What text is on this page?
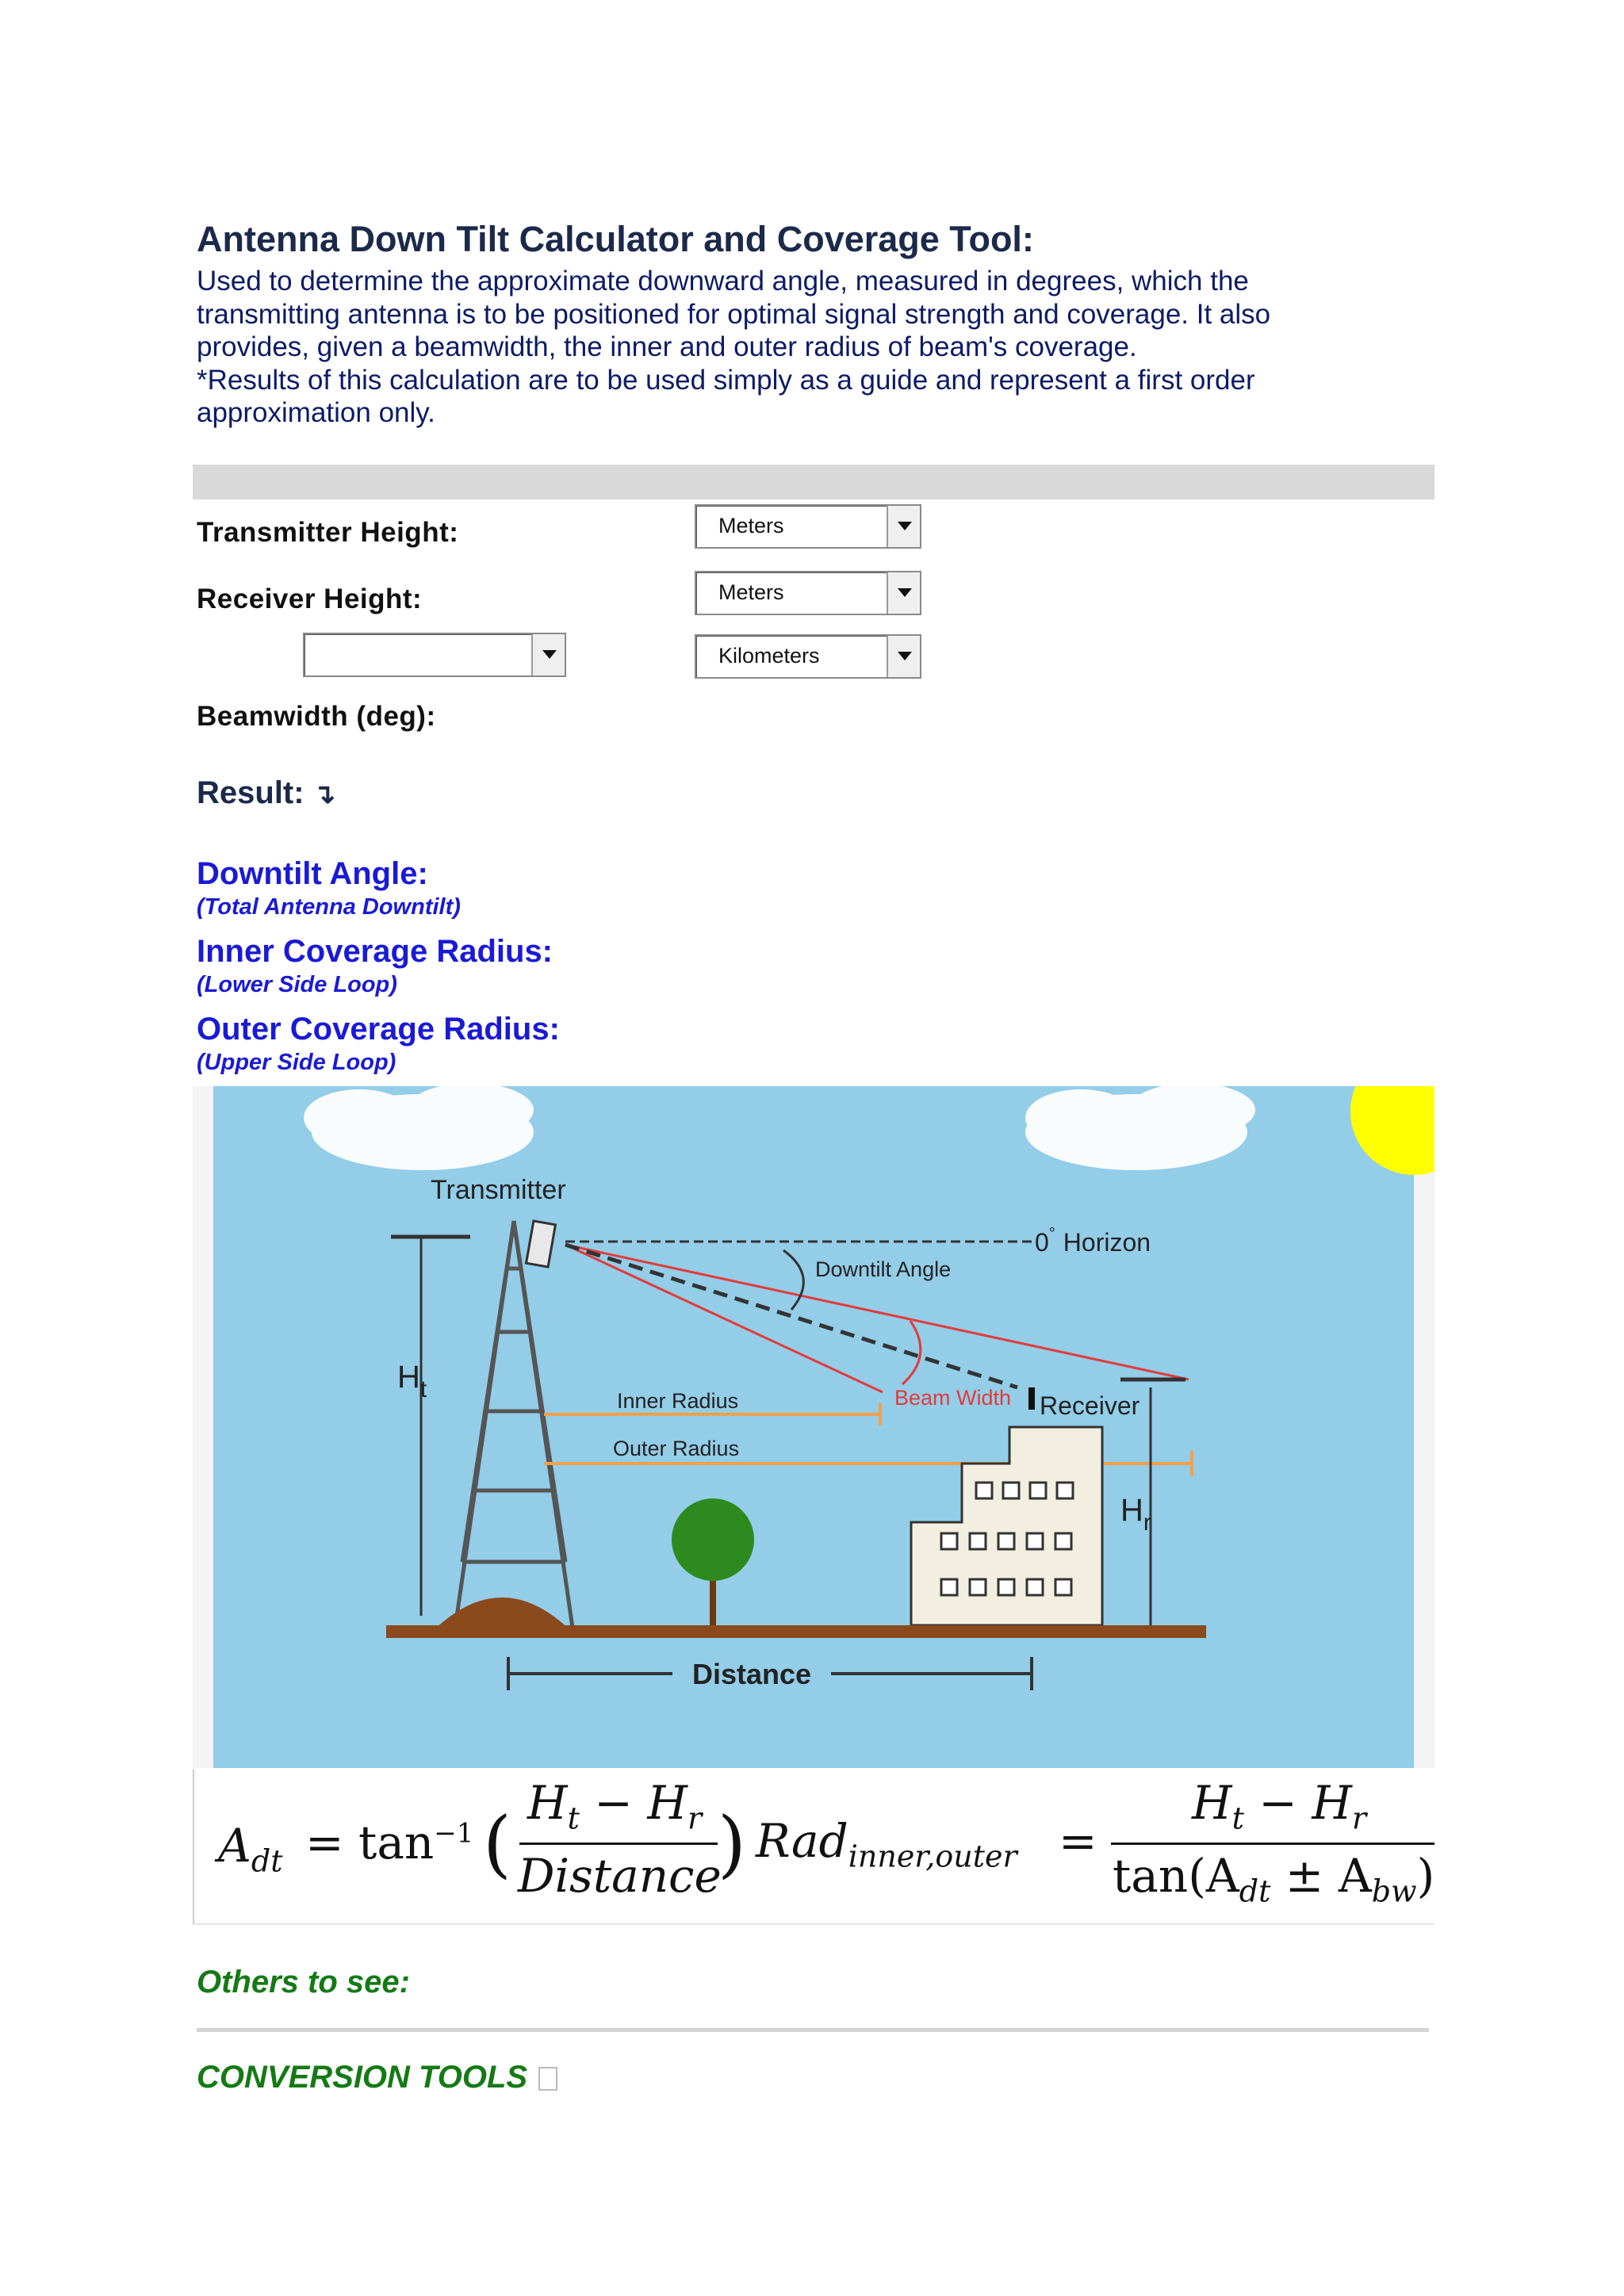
Antenna Down Tilt Calculator and Coverage Tool:
Used to determine the approximate downward angle, measured in degrees, which the
transmitting antenna is to be positioned for optimal signal strength and coverage. It also
provides, given a beamwidth, the inner and outer radius of beam's coverage.
*Results of this calculation are to be used simply as a guide and represent a first order
approximation only.
Transmitter Height:	Meters
Receiver Height:	Meters
Kilometers
Beamwidth (deg):
Result: ↴
Downtilt Angle:
(Total Antenna Downtilt)
Inner Coverage Radius:
(Lower Side Loop)
Outer Coverage Radius:
(Upper Side Loop)
Transmitter
0° Horizon
Downtilt Angle
Beam Width Receiver
Inner Radius
Outer Radius
$H_t$
$H_r$
Distance
$A_{dt} = \tan^{-1}$ ( $H_t - H_r$
Distance
) Rad$_{inner,outer}$ =
$H_t - H_r$
$\tan(A_{dt} \pm A_{bw})$
Others to see:
CONVERSION TOOLS
